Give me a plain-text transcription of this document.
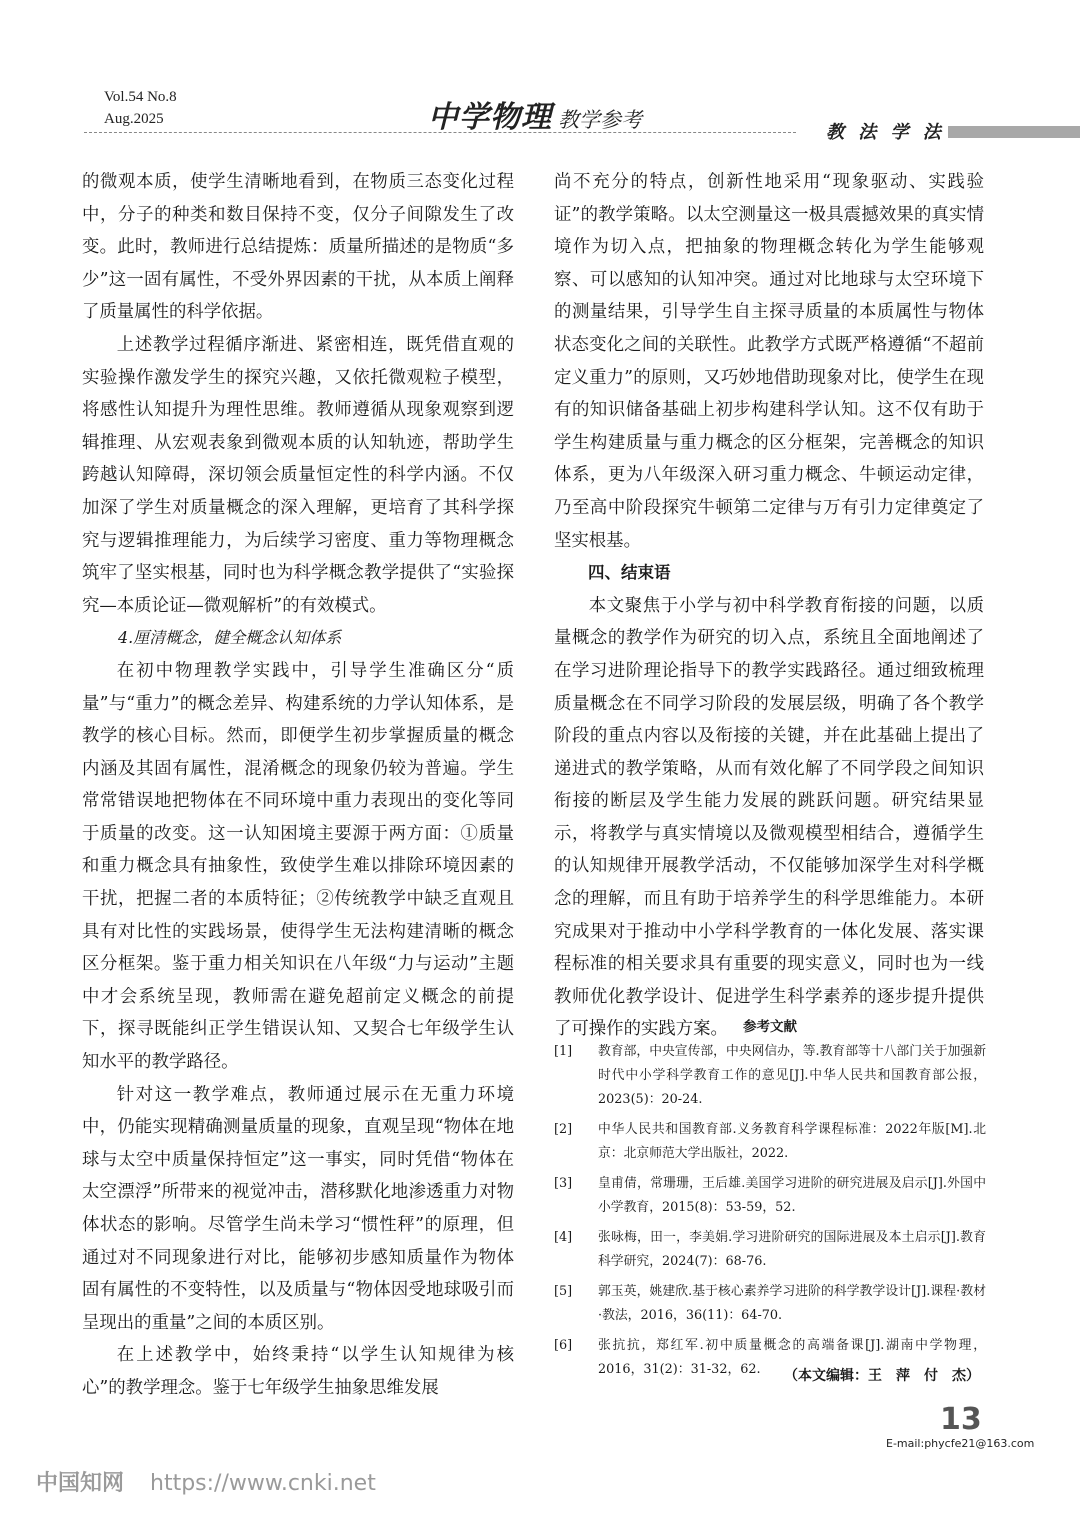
Vol.54 No.8
Aug.2025	中学物理 教学参考
教 法 学 法

的微观本质，使学生清晰地看到，在物质三态变化过程中，分子的种类和数目保持不变，仅分子间隙发生了改变。此时，教师进行总结提炼：质量所描述的是物质“多少”这一固有属性，不受外界因素的干扰，从本质上阐释了质量属性的科学依据。

上述教学过程循序渐进、紧密相连，既凭借直观的实验操作激发学生的探究兴趣，又依托微观粒子模型，将感性认知提升为理性思维。教师遵循从现象观察到逻辑推理、从宏观表象到微观本质的认知轨迹，帮助学生跨越认知障碍，深切领会质量恒定性的科学内涵。不仅加深了学生对质量概念的深入理解，更培育了其科学探究与逻辑推理能力，为后续学习密度、重力等物理概念筑牢了坚实根基，同时也为科学概念教学提供了“实验探究—本质论证—微观解析”的有效模式。

4.厘清概念，健全概念认知体系

在初中物理教学实践中，引导学生准确区分“质量”与“重力”的概念差异、构建系统的力学认知体系，是教学的核心目标。然而，即便学生初步掌握质量的概念内涵及其固有属性，混淆概念的现象仍较为普遍。学生常常错误地把物体在不同环境中重力表现出的变化等同于质量的改变。这一认知困境主要源于两方面：①质量和重力概念具有抽象性，致使学生难以排除环境因素的干扰，把握二者的本质特征；②传统教学中缺乏直观且具有对比性的实践场景，使得学生无法构建清晰的概念区分框架。鉴于重力相关知识在八年级“力与运动”主题中才会系统呈现，教师需在避免超前定义概念的前提下，探寻既能纠正学生错误认知、又契合七年级学生认知水平的教学路径。

针对这一教学难点，教师通过展示在无重力环境中，仍能实现精确测量质量的现象，直观呈现“物体在地球与太空中质量保持恒定”这一事实，同时凭借“物体在太空漂浮”所带来的视觉冲击，潜移默化地渗透重力对物体状态的影响。尽管学生尚未学习“惯性秤”的原理，但通过对不同现象进行对比，能够初步感知质量作为物体固有属性的不变特性，以及质量与“物体因受地球吸引而呈现出的重量”之间的本质区别。

在上述教学中，始终秉持“以学生认知规律为核心”的教学理念。鉴于七年级学生抽象思维发展

尚不充分的特点，创新性地采用“现象驱动、实践验证”的教学策略。以太空测量这一极具震撼效果的真实情境作为切入点，把抽象的物理概念转化为学生能够观察、可以感知的认知冲突。通过对比地球与太空环境下的测量结果，引导学生自主探寻质量的本质属性与物体状态变化之间的关联性。此教学方式既严格遵循“不超前定义重力”的原则，又巧妙地借助现象对比，使学生在现有的知识储备基础上初步构建科学认知。这不仅有助于学生构建质量与重力概念的区分框架，完善概念的知识体系，更为八年级深入研习重力概念、牛顿运动定律，乃至高中阶段探究牛顿第二定律与万有引力定律奠定了坚实根基。

四、结束语

本文聚焦于小学与初中科学教育衔接的问题，以质量概念的教学作为研究的切入点，系统且全面地阐述了在学习进阶理论指导下的教学实践路径。通过细致梳理质量概念在不同学习阶段的发展层级，明确了各个教学阶段的重点内容以及衔接的关键，并在此基础上提出了递进式的教学策略，从而有效化解了不同学段之间知识衔接的断层及学生能力发展的跳跃问题。研究结果显示，将教学与真实情境以及微观模型相结合，遵循学生的认知规律开展教学活动，不仅能够加深学生对科学概念的理解，而且有助于培养学生的科学思维能力。本研究成果对于推动中小学科学教育的一体化发展、落实课程标准的相关要求具有重要的现实意义，同时也为一线教师优化教学设计、促进学生科学素养的逐步提升提供了可操作的实践方案。	参考文献
[1]	教育部，中央宣传部，中央网信办，等.教育部等十八部门关于加强新时代中小学科学教育工作的意见[J].中华人民共和国教育部公报，2023(5)：20-24.
[2]	中华人民共和国教育部.义务教育科学课程标准：2022年版[M].北京：北京师范大学出版社，2022.
[3]	皇甫倩，常珊珊，王后雄.美国学习进阶的研究进展及启示[J].外国中小学教育，2015(8)：53-59，52.
[4]	张咏梅，田一，李美娟.学习进阶研究的国际进展及本土启示[J].教育科学研究，2024(7)：68-76.
[5]	郭玉英，姚建欣.基于核心素养学习进阶的科学教学设计[J].课程·教材·教法，2016，36(11)：64-70.
[6]	张抗抗，郑红军.初中质量概念的高端备课[J].湖南中学物理，2016，31(2)：31-32，62.	（本文编辑：王　萍　付　杰）
13
E-mail:phycfe21@163.com
中国知网 https://www.cnki.net
